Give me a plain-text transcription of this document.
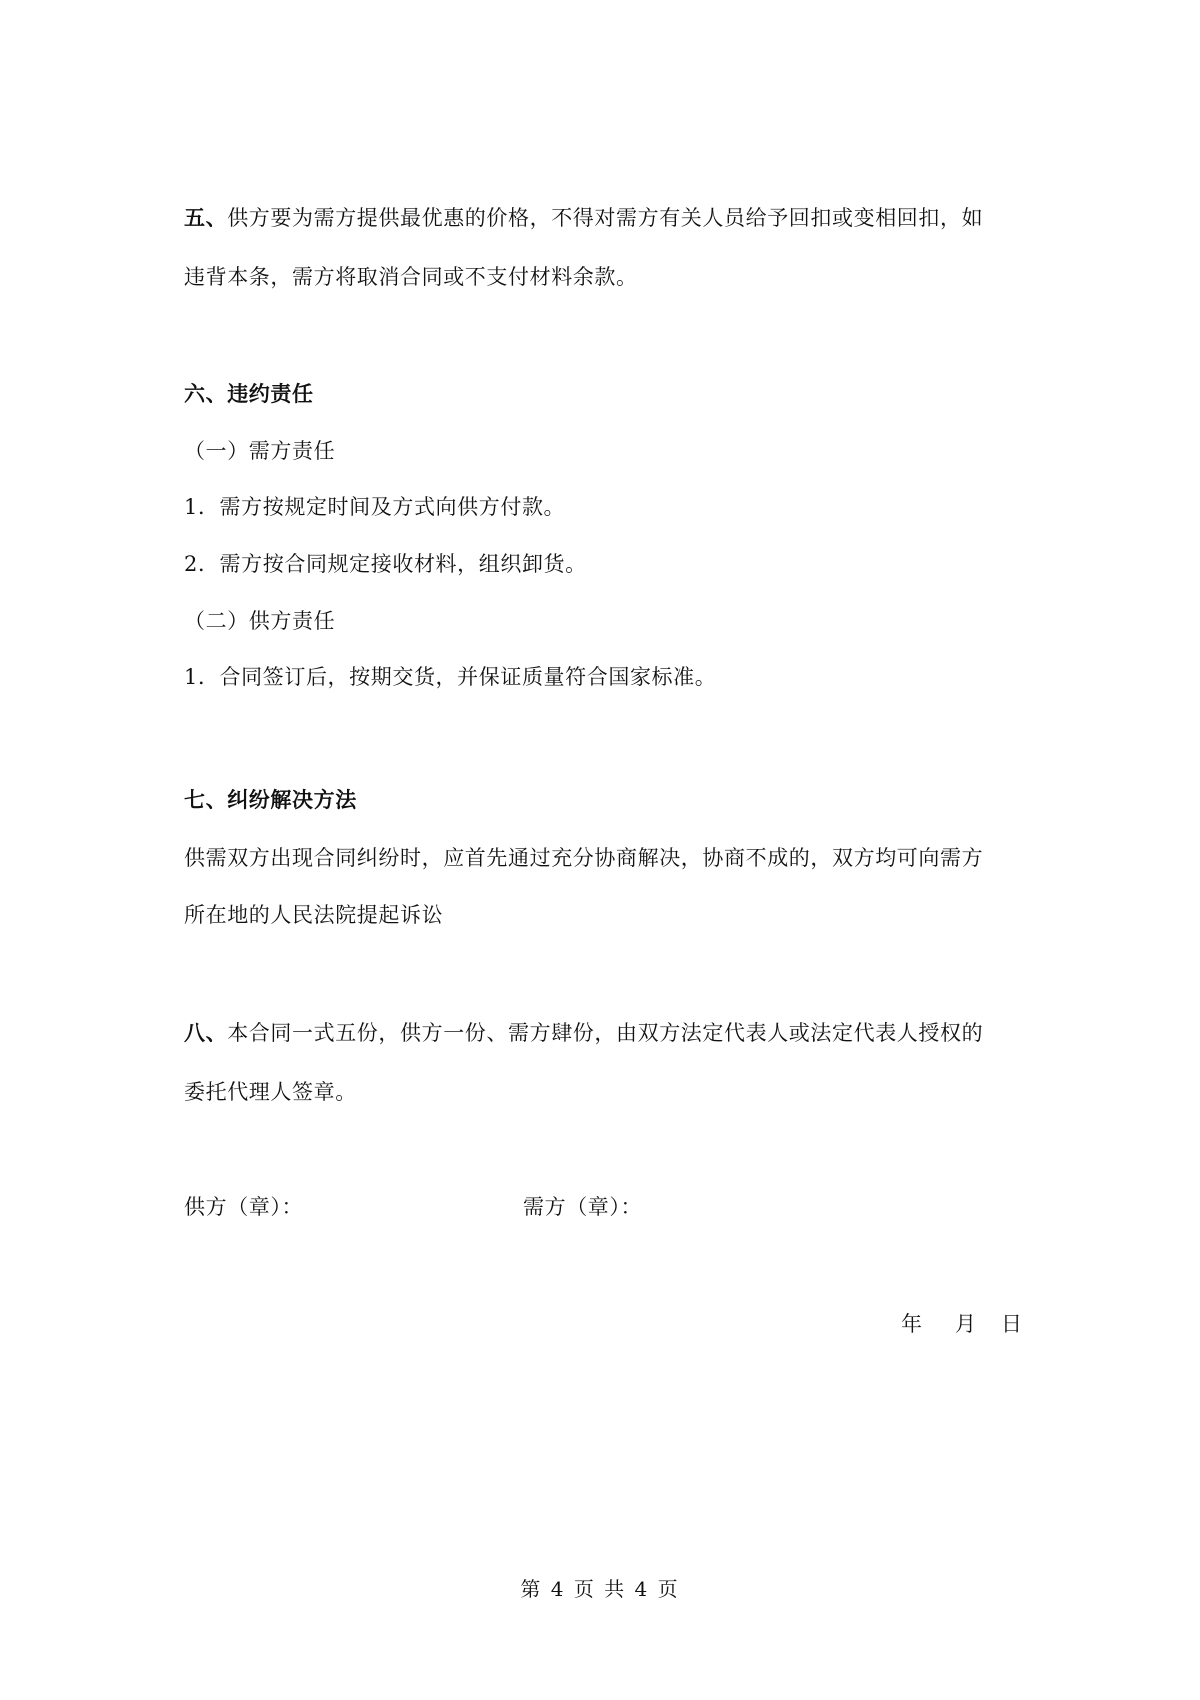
五、供方要为需方提供最优惠的价格，不得对需方有关人员给予回扣或变相回扣，如
违背本条，需方将取消合同或不支付材料余款。
六、违约责任
（一）需方责任
1．需方按规定时间及方式向供方付款。
2．需方按合同规定接收材料，组织卸货。
（二）供方责任
1．合同签订后，按期交货，并保证质量符合国家标准。
七、纠纷解决方法
供需双方出现合同纠纷时，应首先通过充分协商解决，协商不成的，双方均可向需方
所在地的人民法院提起诉讼
八、本合同一式五份，供方一份、需方肆份，由双方法定代表人或法定代表人授权的
委托代理人签章。
供方（章）：	需方（章）：
年 月 日
第 4 页 共 4 页
